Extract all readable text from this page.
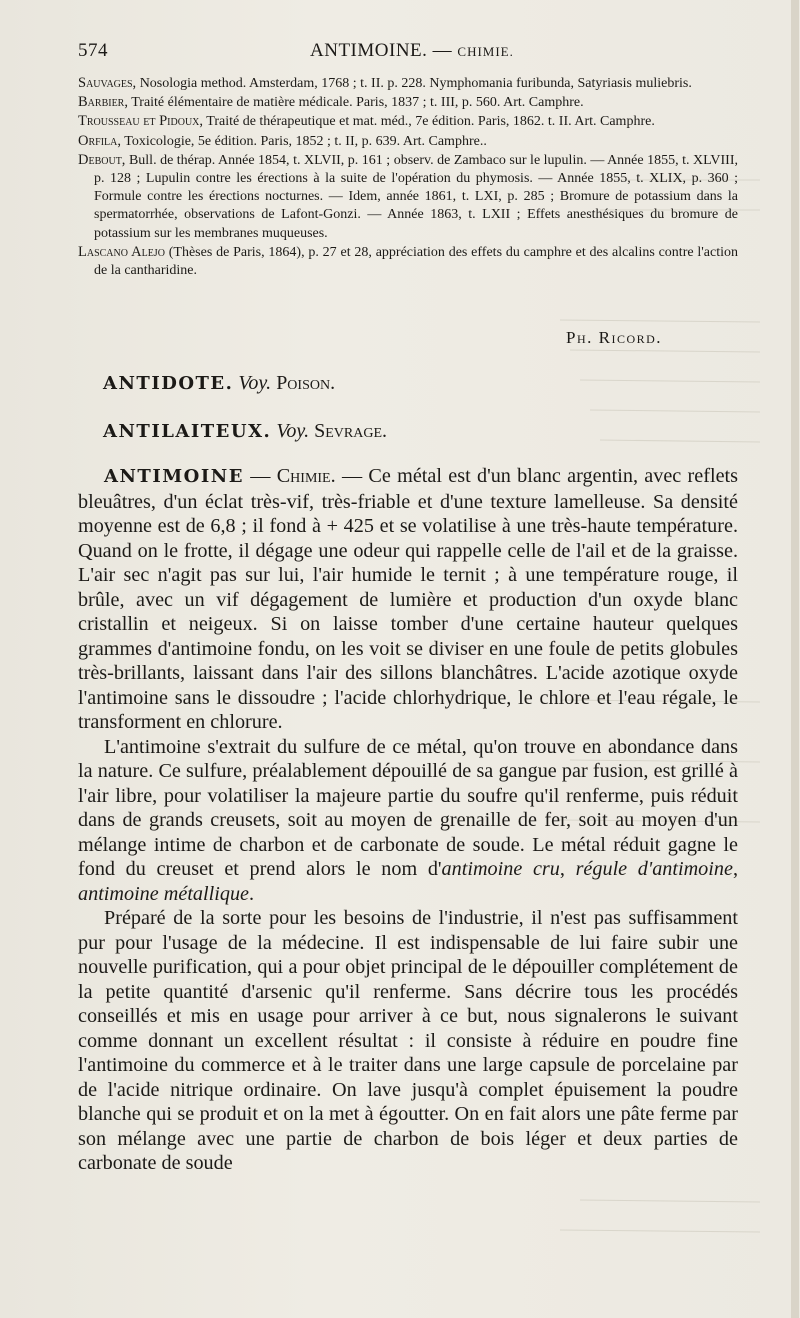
574	ANTIMOINE. — CHIMIE.

Sauvages, Nosologia method. Amsterdam, 1768 ; t. II. p. 228. Nymphomania furibunda, Satyriasis muliebris.

Barbier, Traité élémentaire de matière médicale. Paris, 1837 ; t. III, p. 560. Art. Camphre.

Trousseau et Pidoux, Traité de thérapeutique et mat. méd., 7e édition. Paris, 1862. t. II. Art. Camphre.

Orfila, Toxicologie, 5e édition. Paris, 1852 ; t. II, p. 639. Art. Camphre..

Debout, Bull. de thérap. Année 1854, t. XLVII, p. 161 ; observ. de Zambaco sur le lupulin. — Année 1855, t. XLVIII, p. 128 ; Lupulin contre les érections à la suite de l'opération du phymosis. — Année 1855, t. XLIX, p. 360 ; Formule contre les érections nocturnes. — Idem, année 1861, t. LXI, p. 285 ; Bromure de potassium dans la spermatorrhée, observations de Lafont-Gonzi. — Année 1863, t. LXII ; Effets anesthésiques du bromure de potassium sur les membranes muqueuses.

Lascano Alejo (Thèses de Paris, 1864), p. 27 et 28, appréciation des effets du camphre et des alcalins contre l'action de la cantharidine.

Ph. Ricord.
ANTIDOTE. Voy. Poison.
ANTILAITEUX. Voy. Sevrage.

ANTIMOINE — Chimie. — Ce métal est d'un blanc argentin, avec reflets bleuâtres, d'un éclat très-vif, très-friable et d'une texture lamelleuse. Sa densité moyenne est de 6,8 ; il fond à + 425 et se volatilise à une très-haute température. Quand on le frotte, il dégage une odeur qui rappelle celle de l'ail et de la graisse. L'air sec n'agit pas sur lui, l'air humide le ternit ; à une température rouge, il brûle, avec un vif dégagement de lumière et production d'un oxyde blanc cristallin et neigeux. Si on laisse tomber d'une certaine hauteur quelques grammes d'antimoine fondu, on les voit se diviser en une foule de petits globules très-brillants, laissant dans l'air des sillons blanchâtres. L'acide azotique oxyde l'antimoine sans le dissoudre ; l'acide chlorhydrique, le chlore et l'eau régale, le transforment en chlorure.

L'antimoine s'extrait du sulfure de ce métal, qu'on trouve en abondance dans la nature. Ce sulfure, préalablement dépouillé de sa gangue par fusion, est grillé à l'air libre, pour volatiliser la majeure partie du soufre qu'il renferme, puis réduit dans de grands creusets, soit au moyen de grenaille de fer, soit au moyen d'un mélange intime de charbon et de carbonate de soude. Le métal réduit gagne le fond du creuset et prend alors le nom d'antimoine cru, régule d'antimoine, antimoine métallique.

Préparé de la sorte pour les besoins de l'industrie, il n'est pas suffisamment pur pour l'usage de la médecine. Il est indispensable de lui faire subir une nouvelle purification, qui a pour objet principal de le dépouiller complétement de la petite quantité d'arsenic qu'il renferme. Sans décrire tous les procédés conseillés et mis en usage pour arriver à ce but, nous signalerons le suivant comme donnant un excellent résultat : il consiste à réduire en poudre fine l'antimoine du commerce et à le traiter dans une large capsule de porcelaine par de l'acide nitrique ordinaire. On lave jusqu'à complet épuisement la poudre blanche qui se produit et on la met à égoutter. On en fait alors une pâte ferme par son mélange avec une partie de charbon de bois léger et deux parties de carbonate de soude
